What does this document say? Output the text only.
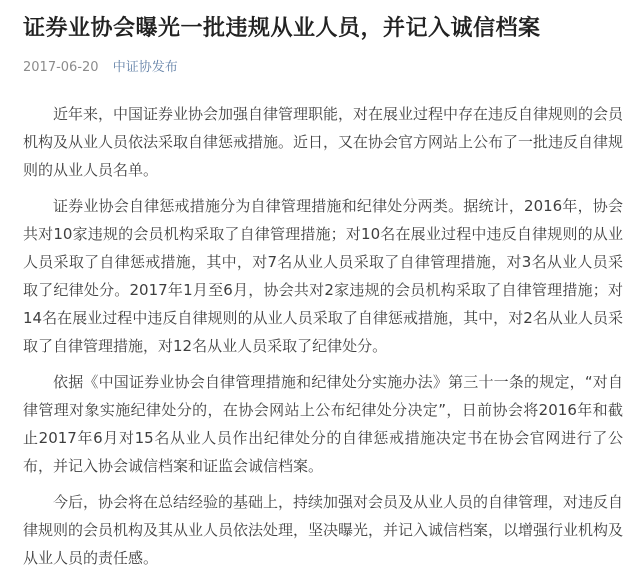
证券业协会曝光一批违规从业人员，并记入诚信档案
2017-06-20 中证协发布

近年来，中国证券业协会加强自律管理职能，对在展业过程中存在违反自律规则的会员机构及从业人员依法采取自律惩戒措施。近日，又在协会官方网站上公布了一批违反自律规则的从业人员名单。

证券业协会自律惩戒措施分为自律管理措施和纪律处分两类。据统计，2016年，协会共对10家违规的会员机构采取了自律管理措施；对10名在展业过程中违反自律规则的从业人员采取了自律惩戒措施，其中，对7名从业人员采取了自律管理措施，对3名从业人员采取了纪律处分。2017年1月至6月，协会共对2家违规的会员机构采取了自律管理措施；对14名在展业过程中违反自律规则的从业人员采取了自律惩戒措施，其中，对2名从业人员采取了自律管理措施，对12名从业人员采取了纪律处分。

依据《中国证券业协会自律管理措施和纪律处分实施办法》第三十一条的规定，“对自律管理对象实施纪律处分的，在协会网站上公布纪律处分决定”，日前协会将2016年和截止2017年6月对15名从业人员作出纪律处分的自律惩戒措施决定书在协会官网进行了公布，并记入协会诚信档案和证监会诚信档案。

今后，协会将在总结经验的基础上，持续加强对会员及从业人员的自律管理，对违反自律规则的会员机构及其从业人员依法处理，坚决曝光，并记入诚信档案，以增强行业机构及从业人员的责任感。
